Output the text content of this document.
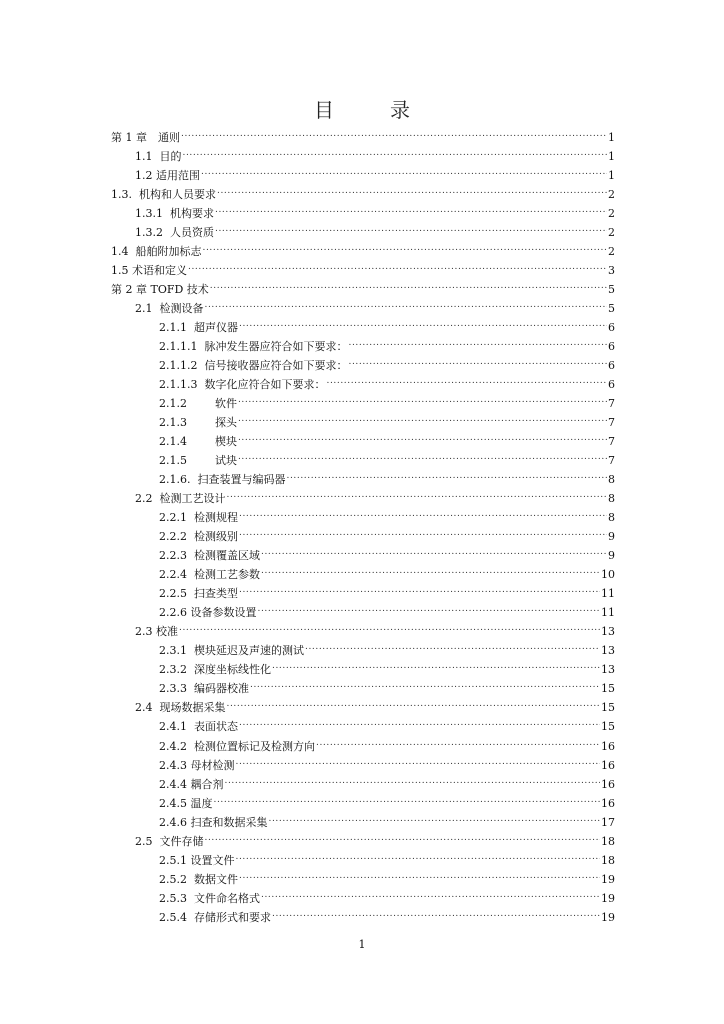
目　录
第 1 章　通则 .....	1
1.1  目的 .....	1
1.2 适用范围 .....	1
1.3.  机构和人员要求 .....	2
1.3.1  机构要求 .....	2
1.3.2  人员资质 .....	2
1.4  船舶附加标志 .....	2
1.5 术语和定义 .....	3
第 2 章 TOFD 技术 .....	5
2.1  检测设备 .....	5
2.1.1  超声仪器 .....	6
2.1.1.1  脉冲发生器应符合如下要求： .....	6
2.1.1.2  信号接收器应符合如下要求： .....	6
2.1.1.3  数字化应符合如下要求： .....	6
2.1.2        软件 .....	7
2.1.3        探头 .....	7
2.1.4        楔块 .....	7
2.1.5        试块 .....	7
2.1.6.  扫查装置与编码器 .....	8
2.2  检测工艺设计 .....	8
2.2.1  检测规程 .....	8
2.2.2  检测级别 .....	9
2.2.3  检测覆盖区域 .....	9
2.2.4  检测工艺参数 .....	10
2.2.5  扫查类型 .....	11
2.2.6 设备参数设置 .....	11
2.3 校准 .....	13
2.3.1  楔块延迟及声速的测试 .....	13
2.3.2  深度坐标线性化 .....	13
2.3.3  编码器校准 .....	15
2.4  现场数据采集 .....	15
2.4.1  表面状态 .....	15
2.4.2  检测位置标记及检测方向 .....	16
2.4.3 母材检测 .....	16
2.4.4 耦合剂 .....	16
2.4.5 温度 .....	16
2.4.6 扫查和数据采集 .....	17
2.5  文件存储 .....	18
2.5.1 设置文件 .....	18
2.5.2  数据文件 .....	19
2.5.3  文件命名格式 .....	19
2.5.4  存储形式和要求 .....	19
1
